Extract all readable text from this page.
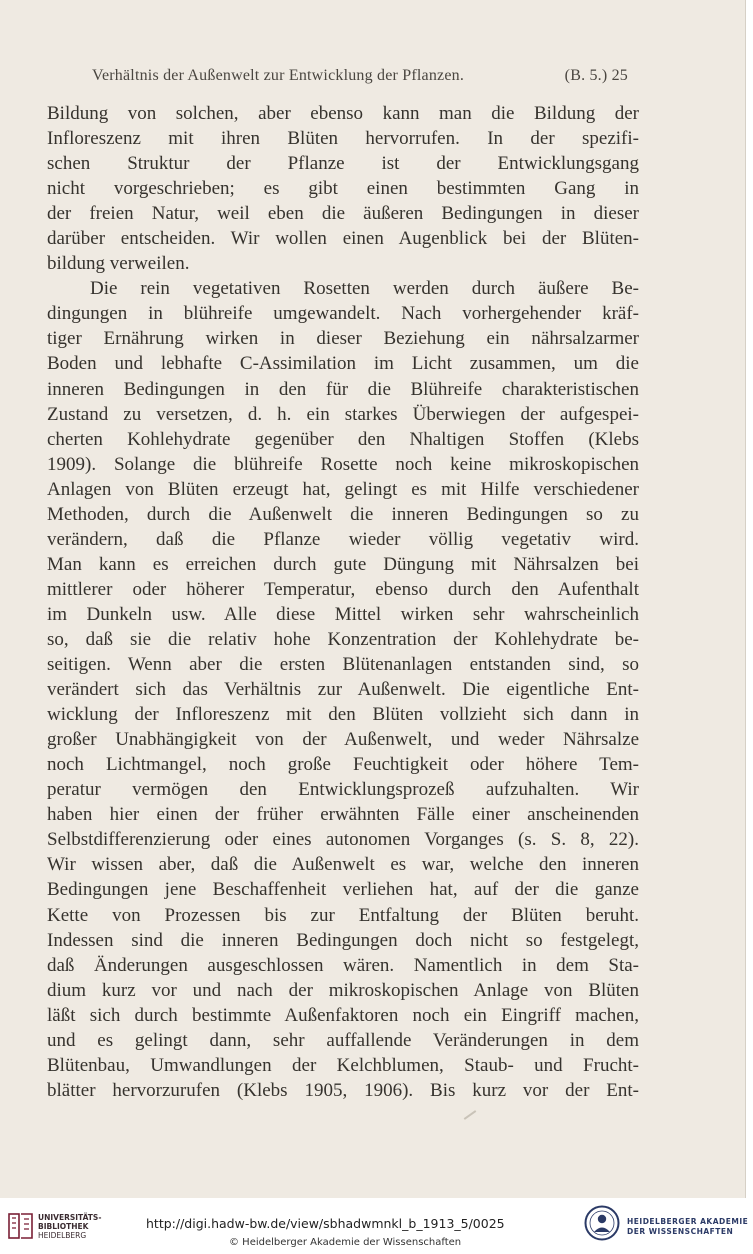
Verhältnis der Außenwelt zur Entwicklung der Pflanzen.	(B. 5.) 25
Bildung von solchen, aber ebenso kann man die Bildung der
Infloreszenz mit ihren Blüten hervorrufen. In der spezifi-
schen Struktur der Pflanze ist der Entwicklungsgang
nicht vorgeschrieben; es gibt einen bestimmten Gang in
der freien Natur, weil eben die äußeren Bedingungen in dieser
darüber entscheiden. Wir wollen einen Augenblick bei der Blüten-
bildung verweilen.
Die rein vegetativen Rosetten werden durch äußere Be-
dingungen in blühreife umgewandelt. Nach vorhergehender kräf-
tiger Ernährung wirken in dieser Beziehung ein nährsalzarmer
Boden und lebhafte C-Assimilation im Licht zusammen, um die
inneren Bedingungen in den für die Blühreife charakteristischen
Zustand zu versetzen, d. h. ein starkes Überwiegen der aufgespei-
cherten Kohlehydrate gegenüber den Nhaltigen Stoffen (Klebs
1909). Solange die blühreife Rosette noch keine mikroskopischen
Anlagen von Blüten erzeugt hat, gelingt es mit Hilfe verschiedener
Methoden, durch die Außenwelt die inneren Bedingungen so zu
verändern, daß die Pflanze wieder völlig vegetativ wird.
Man kann es erreichen durch gute Düngung mit Nährsalzen bei
mittlerer oder höherer Temperatur, ebenso durch den Aufenthalt
im Dunkeln usw. Alle diese Mittel wirken sehr wahrscheinlich
so, daß sie die relativ hohe Konzentration der Kohlehydrate be-
seitigen. Wenn aber die ersten Blütenanlagen entstanden sind, so
verändert sich das Verhältnis zur Außenwelt. Die eigentliche Ent-
wicklung der Infloreszenz mit den Blüten vollzieht sich dann in
großer Unabhängigkeit von der Außenwelt, und weder Nährsalze
noch Lichtmangel, noch große Feuchtigkeit oder höhere Tem-
peratur vermögen den Entwicklungsprozeß aufzuhalten. Wir
haben hier einen der früher erwähnten Fälle einer anscheinenden
Selbstdifferenzierung oder eines autonomen Vorganges (s. S. 8, 22).
Wir wissen aber, daß die Außenwelt es war, welche den inneren
Bedingungen jene Beschaffenheit verliehen hat, auf der die ganze
Kette von Prozessen bis zur Entfaltung der Blüten beruht.
Indessen sind die inneren Bedingungen doch nicht so festgelegt,
daß Änderungen ausgeschlossen wären. Namentlich in dem Sta-
dium kurz vor und nach der mikroskopischen Anlage von Blüten
läßt sich durch bestimmte Außenfaktoren noch ein Eingriff machen,
und es gelingt dann, sehr auffallende Veränderungen in dem
Blütenbau, Umwandlungen der Kelchblumen, Staub- und Frucht-
blätter hervorzurufen (Klebs 1905, 1906). Bis kurz vor der Ent-
UNIVERSITÄTS-
BIBLIOTHEK
HEIDELBERG
http://digi.hadw-bw.de/view/sbhadwmnkl_b_1913_5/0025
© Heidelberger Akademie der Wissenschaften
HEIDELBERGER AKADEMIE
DER WISSENSCHAFTEN
